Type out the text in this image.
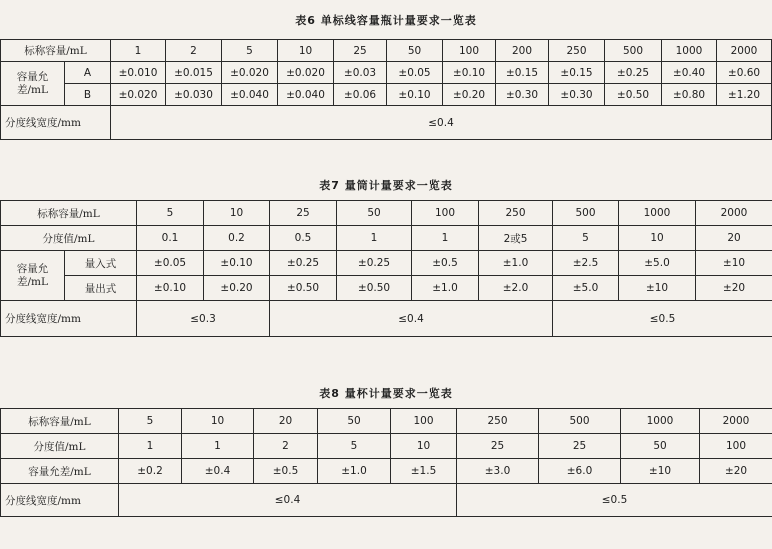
表6 单标线容量瓶计量要求一览表
标称容量/mL		1	2	5	10	25	50	100	200	250	500	1000	2000
容量允差/mL	A	±0.010	±0.015	±0.020	±0.020	±0.03	±0.05	±0.10	±0.15	±0.15	±0.25	±0.40	±0.60
	B	±0.020	±0.030	±0.040	±0.040	±0.06	±0.10	±0.20	±0.30	±0.30	±0.50	±0.80	±1.20
分度线宽度/mm		≤0.4											
表7 量筒计量要求一览表
标称容量/mL		5	10	25	50	100	250	500	1000	2000
分度值/mL		0.1	0.2	0.5	1	1	2或5	5	10	20
容量允差/mL	量入式	±0.05	±0.10	±0.25	±0.25	±0.5	±1.0	±2.5	±5.0	±10
	量出式	±0.10	±0.20	±0.50	±0.50	±1.0	±2.0	±5.0	±10	±20
分度线宽度/mm		≤0.3		≤0.4				≤0.5		
表8 量杯计量要求一览表
标称容量/mL	5	10	20	50	100	250	500	1000	2000
分度值/mL	1	1	2	5	10	25	25	50	100
容量允差/mL	±0.2	±0.4	±0.5	±1.0	±1.5	±3.0	±6.0	±10	±20
分度线宽度/mm	≤0.4					≤0.5			
